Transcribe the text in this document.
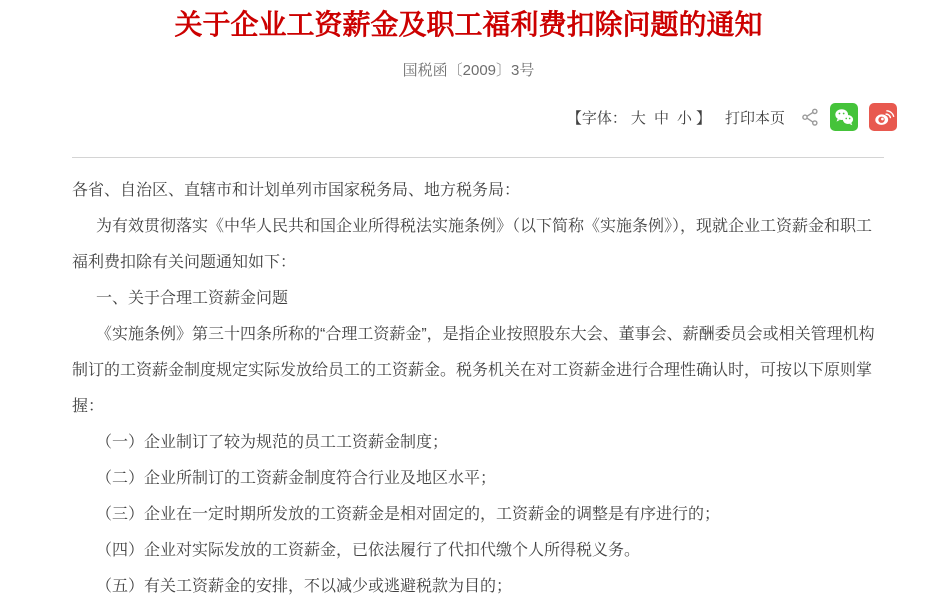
关于企业工资薪金及职工福利费扣除问题的通知
国税函〔2009〕3号
【字体： 大 中 小 】 打印本页

各省、自治区、直辖市和计划单列市国家税务局、地方税务局：

为有效贯彻落实《中华人民共和国企业所得税法实施条例》（以下简称《实施条例》），现就企业工资薪金和职工福利费扣除有关问题通知如下：

一、关于合理工资薪金问题

《实施条例》第三十四条所称的“合理工资薪金”，是指企业按照股东大会、董事会、薪酬委员会或相关管理机构制订的工资薪金制度规定实际发放给员工的工资薪金。税务机关在对工资薪金进行合理性确认时，可按以下原则掌握：

（一）企业制订了较为规范的员工工资薪金制度；

（二）企业所制订的工资薪金制度符合行业及地区水平；

（三）企业在一定时期所发放的工资薪金是相对固定的，工资薪金的调整是有序进行的；

（四）企业对实际发放的工资薪金，已依法履行了代扣代缴个人所得税义务。

（五）有关工资薪金的安排，不以减少或逃避税款为目的；
